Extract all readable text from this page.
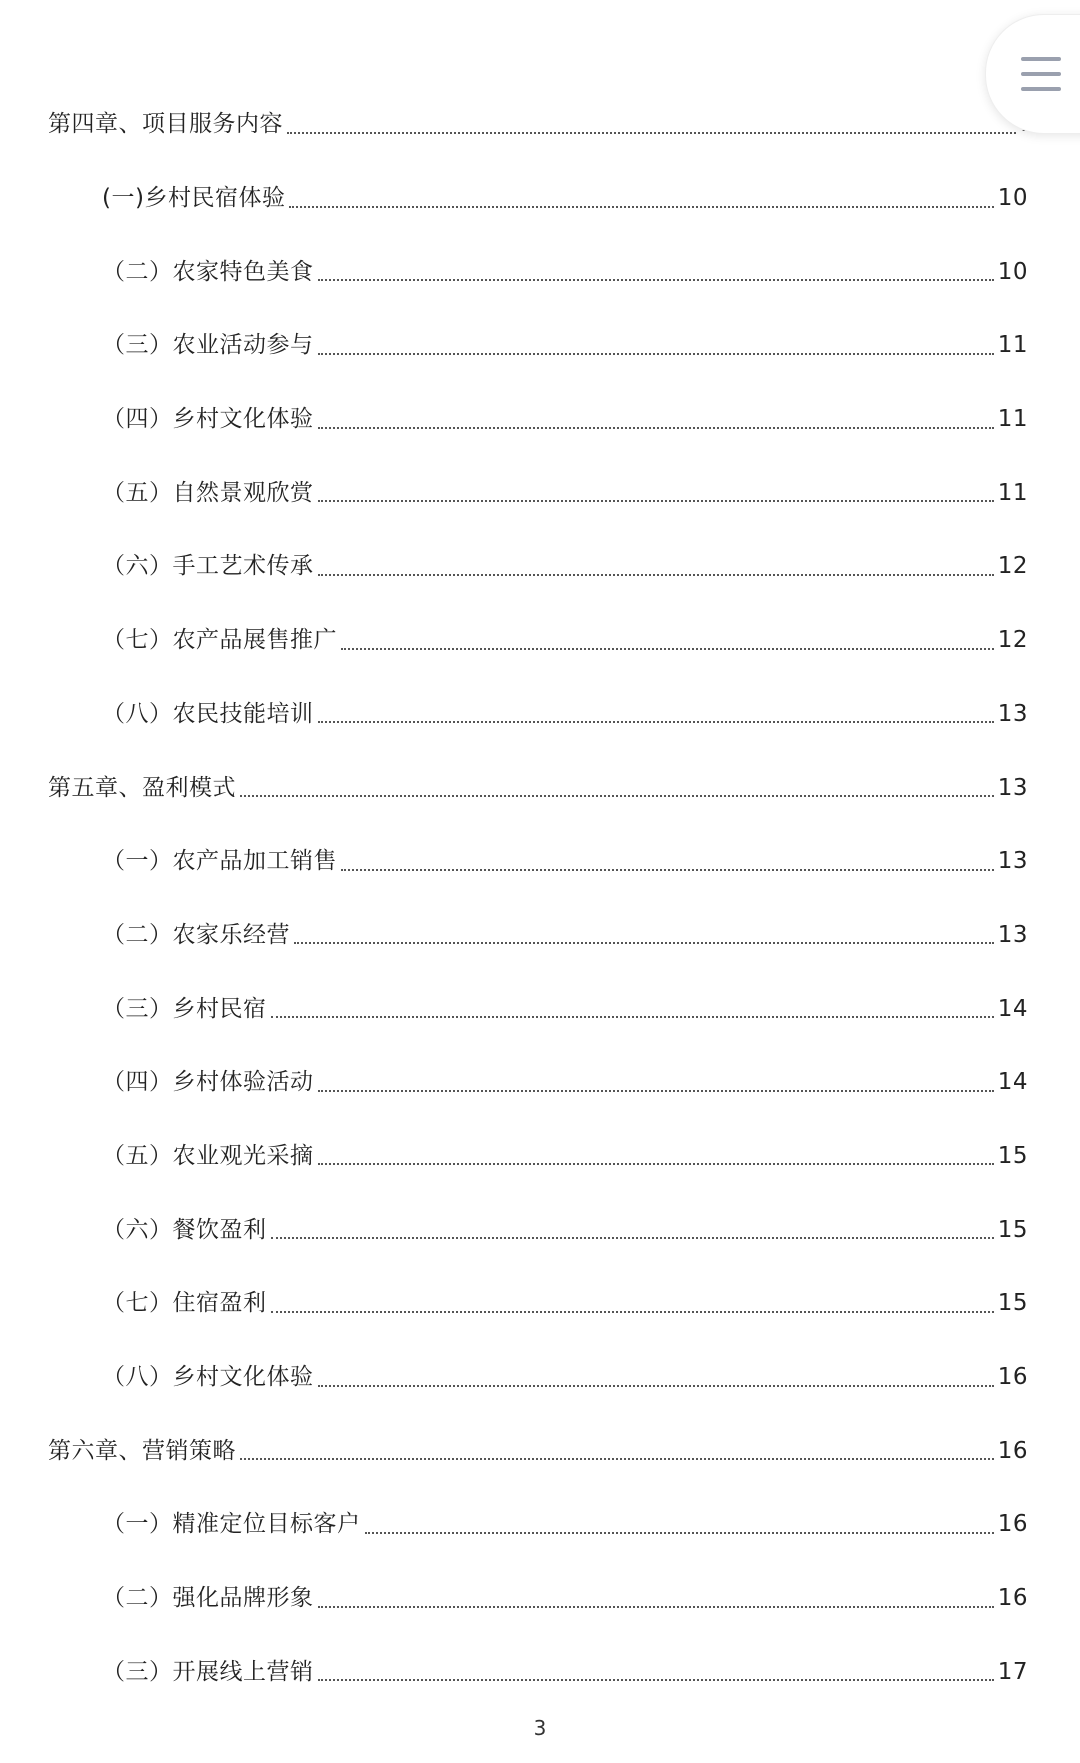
第四章、项目服务内容
(一)乡村民宿体验	10
（二）农家特色美食	10
（三）农业活动参与	11
（四）乡村文化体验	11
（五）自然景观欣赏	11
（六）手工艺术传承	12
（七）农产品展售推广	12
（八）农民技能培训	13
第五章、盈利模式	13
（一）农产品加工销售	13
（二）农家乐经营	13
（三）乡村民宿	14
（四）乡村体验活动	14
（五）农业观光采摘	15
（六）餐饮盈利	15
（七）住宿盈利	15
（八）乡村文化体验	16
第六章、营销策略	16
（一）精准定位目标客户	16
（二）强化品牌形象	16
（三）开展线上营销	17
3
